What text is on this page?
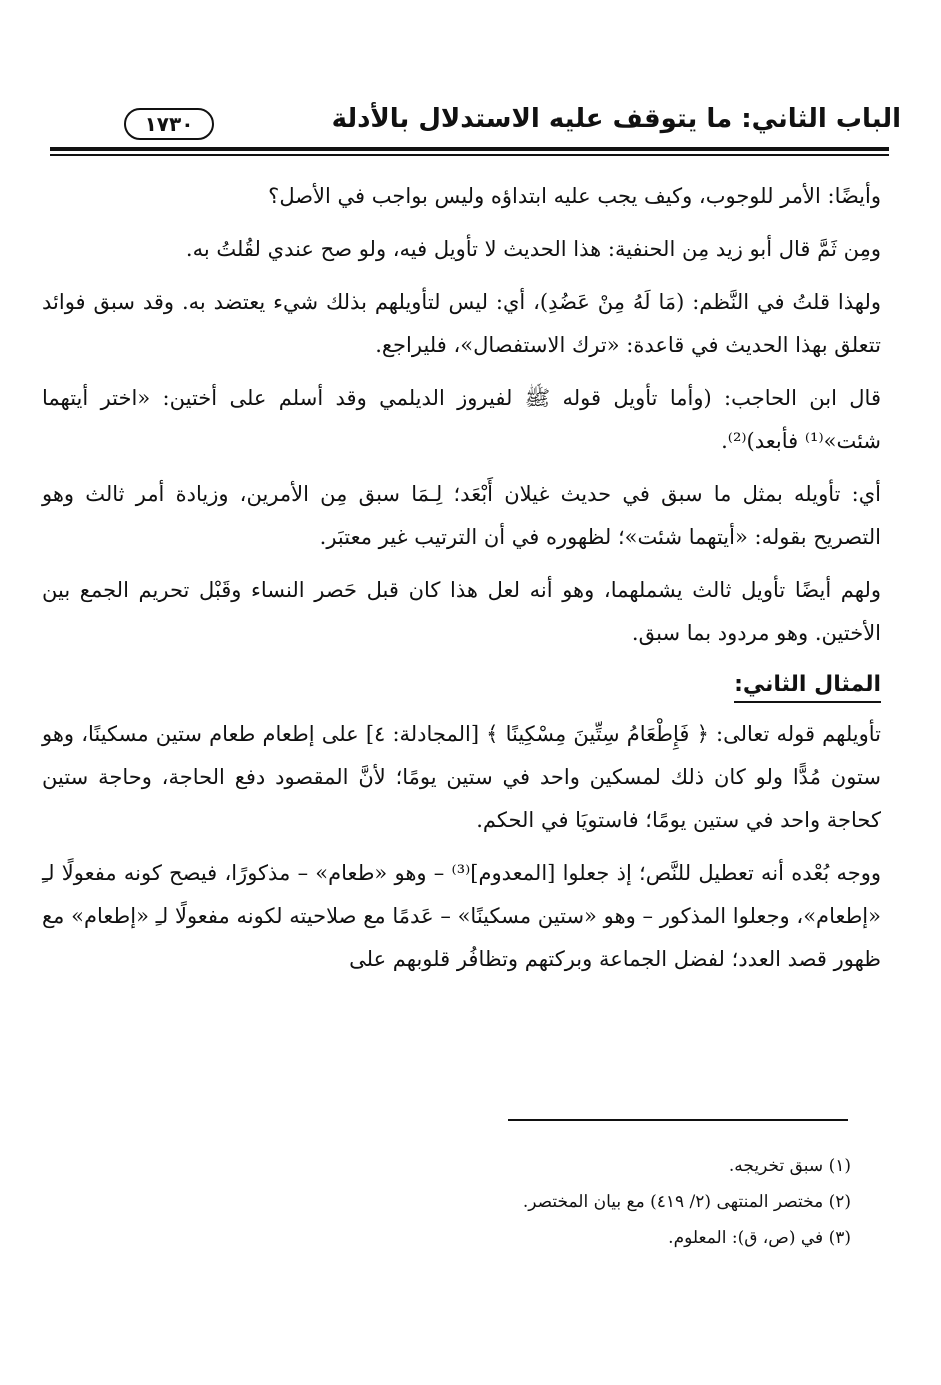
الباب الثاني: ما يتوقف عليه الاستدلال بالأدلة
١٧٣٠

وأيضًا: الأمر للوجوب، وكيف يجب عليه ابتداؤه وليس بواجب في الأصل؟

ومِن ثَمَّ قال أبو زيد مِن الحنفية: هذا الحديث لا تأويل فيه، ولو صح عندي لقُلتُ به.

ولهذا قلتُ في النَّظم: (مَا لَهُ مِنْ عَضُدِ)، أي: ليس لتأويلهم بذلك شيء يعتضد به. وقد سبق فوائد تتعلق بهذا الحديث في قاعدة: «ترك الاستفصال»، فليراجع.

قال ابن الحاجب: (وأما تأويل قوله ﷺ لفيروز الديلمي وقد أسلم على أختين: «اختر أيتهما شئت»⁽¹⁾ فأبعد)⁽²⁾.

أي: تأويله بمثل ما سبق في حديث غيلان أَبْعَد؛ لِـمَا سبق مِن الأمرين، وزيادة أمر ثالث وهو التصريح بقوله: «أيتهما شئت»؛ لظهوره في أن الترتيب غير معتبَر.

ولهم أيضًا تأويل ثالث يشملهما، وهو أنه لعل هذا كان قبل حَصر النساء وقَبْل تحريم الجمع بين الأختين. وهو مردود بما سبق.

المثال الثاني:

تأويلهم قوله تعالى: ﴿ فَإِطْعَامُ سِتِّينَ مِسْكِينًا ﴾ [المجادلة: ٤] على إطعام طعام ستين مسكينًا، وهو ستون مُدًّا ولو كان ذلك لمسكين واحد في ستين يومًا؛ لأنَّ المقصود دفع الحاجة، وحاجة ستين كحاجة واحد في ستين يومًا؛ فاستويَا في الحكم.

ووجه بُعْده أنه تعطيل للنَّص؛ إذ جعلوا [المعدوم]⁽³⁾ – وهو «طعام» – مذكورًا، فيصح كونه مفعولًا لـِ «إطعام»، وجعلوا المذكور – وهو «ستين مسكينًا» – عَدمًا مع صلاحيته لكونه مفعولًا لـِ «إطعام» مع ظهور قصد العدد؛ لفضل الجماعة وبركتهم وتظافُر قلوبهم على

(١) سبق تخريجه.

(٢) مختصر المنتهى (٢/ ٤١٩) مع بيان المختصر.

(٣) في (ص، ق): المعلوم.
